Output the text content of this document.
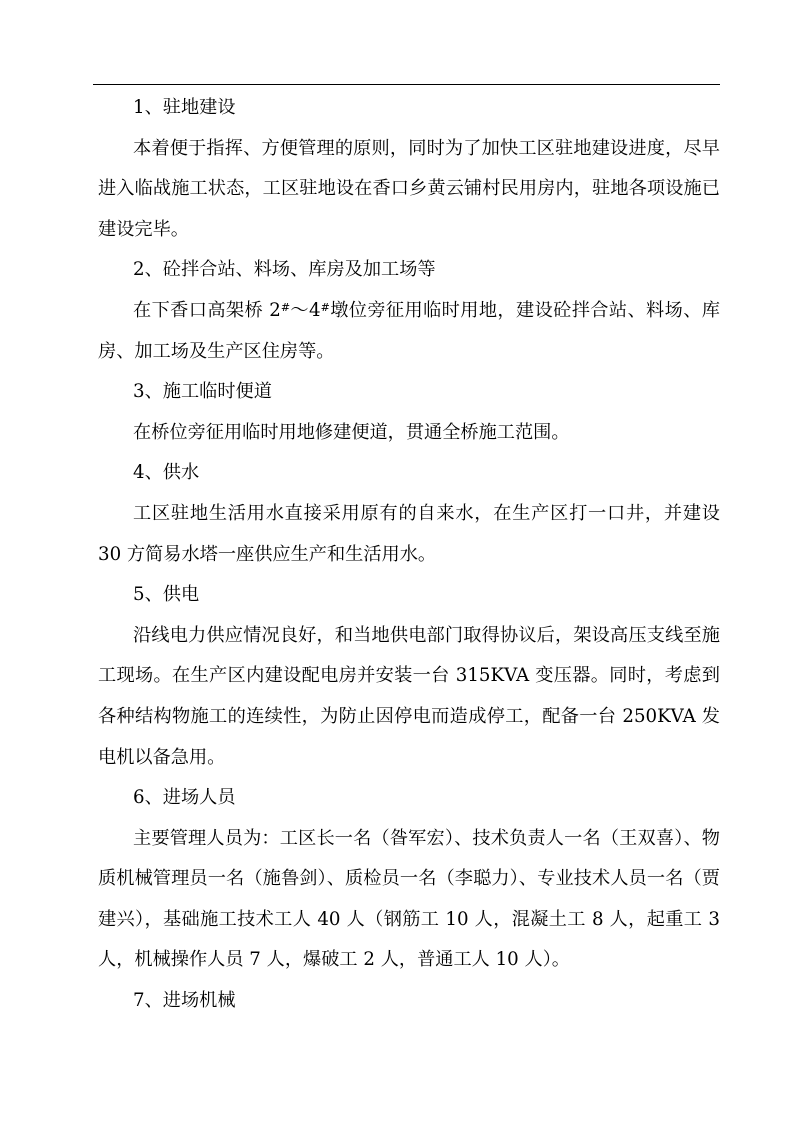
1、驻地建设

本着便于指挥、方便管理的原则，同时为了加快工区驻地建设进度，尽早进入临战施工状态，工区驻地设在香口乡黄云铺村民用房内，驻地各项设施已建设完毕。

2、砼拌合站、料场、库房及加工场等

在下香口高架桥 2#～4#墩位旁征用临时用地，建设砼拌合站、料场、库房、加工场及生产区住房等。

3、施工临时便道

在桥位旁征用临时用地修建便道，贯通全桥施工范围。

4、供水

工区驻地生活用水直接采用原有的自来水，在生产区打一口井，并建设 30 方简易水塔一座供应生产和生活用水。

5、供电

沿线电力供应情况良好，和当地供电部门取得协议后，架设高压支线至施工现场。在生产区内建设配电房并安装一台 315KVA 变压器。同时，考虑到各种结构物施工的连续性，为防止因停电而造成停工，配备一台 250KVA 发电机以备急用。

6、进场人员

主要管理人员为：工区长一名（昝军宏）、技术负责人一名（王双喜）、物质机械管理员一名（施鲁剑）、质检员一名（李聪力）、专业技术人员一名（贾建兴），基础施工技术工人 40 人（钢筋工 10 人，混凝土工 8 人，起重工 3 人，机械操作人员 7 人，爆破工 2 人，普通工人 10 人）。

7、进场机械
